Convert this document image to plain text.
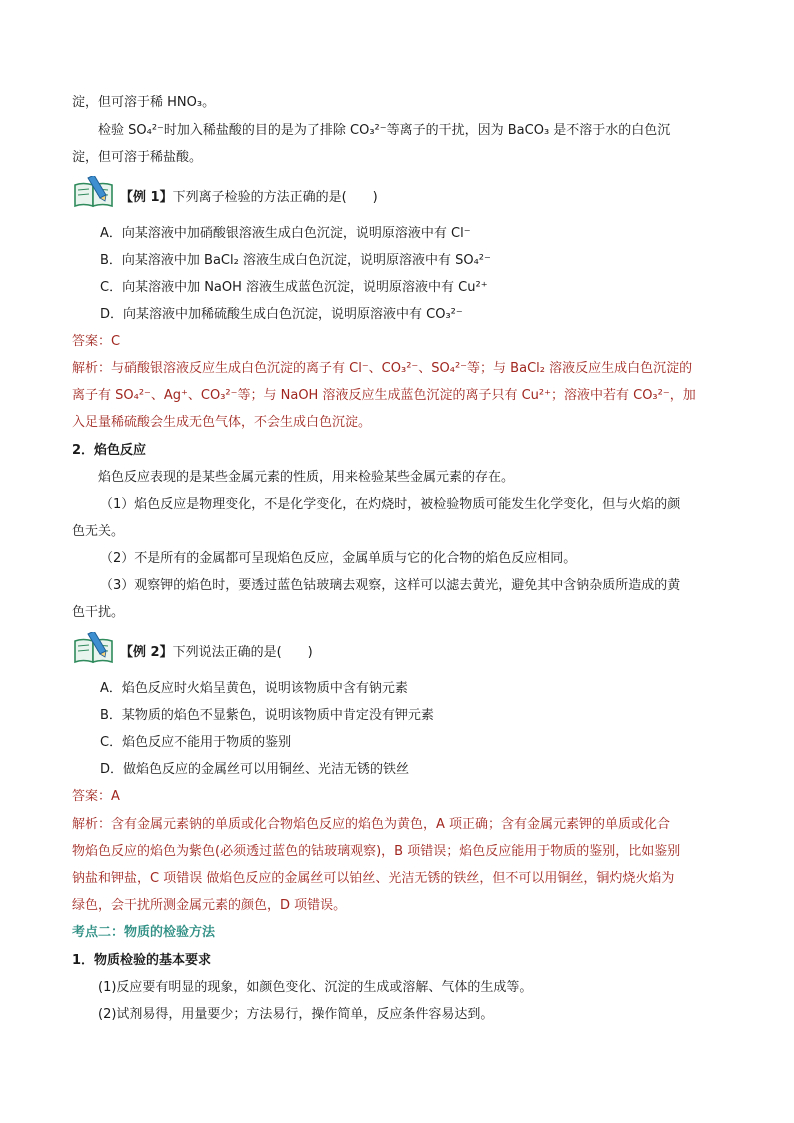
淀，但可溶于稀 HNO₃。
检验 SO₄²⁻时加入稀盐酸的目的是为了排除 CO₃²⁻等离子的干扰，因为 BaCO₃ 是不溶于水的白色沉
淀，但可溶于稀盐酸。
【例 1】下列离子检验的方法正确的是(　　)
A．向某溶液中加硝酸银溶液生成白色沉淀，说明原溶液中有 Cl⁻
B．向某溶液中加 BaCl₂ 溶液生成白色沉淀，说明原溶液中有 SO₄²⁻
C．向某溶液中加 NaOH 溶液生成蓝色沉淀，说明原溶液中有 Cu²⁺
D．向某溶液中加稀硫酸生成白色沉淀，说明原溶液中有 CO₃²⁻
答案：C
解析：与硝酸银溶液反应生成白色沉淀的离子有 Cl⁻、CO₃²⁻、SO₄²⁻等；与 BaCl₂ 溶液反应生成白色沉淀的
离子有 SO₄²⁻、Ag⁺、CO₃²⁻等；与 NaOH 溶液反应生成蓝色沉淀的离子只有 Cu²⁺；溶液中若有 CO₃²⁻，加
入足量稀硫酸会生成无色气体，不会生成白色沉淀。
2．焰色反应
焰色反应表现的是某些金属元素的性质，用来检验某些金属元素的存在。
（1）焰色反应是物理变化，不是化学变化，在灼烧时，被检验物质可能发生化学变化，但与火焰的颜
色无关。
（2）不是所有的金属都可呈现焰色反应，金属单质与它的化合物的焰色反应相同。
（3）观察钾的焰色时，要透过蓝色钴玻璃去观察，这样可以滤去黄光，避免其中含钠杂质所造成的黄
色干扰。
【例 2】下列说法正确的是(　　)
A．焰色反应时火焰呈黄色，说明该物质中含有钠元素
B．某物质的焰色不显紫色，说明该物质中肯定没有钾元素
C．焰色反应不能用于物质的鉴别
D．做焰色反应的金属丝可以用铜丝、光洁无锈的铁丝
答案：A
解析：含有金属元素钠的单质或化合物焰色反应的焰色为黄色，A 项正确；含有金属元素钾的单质或化合
物焰色反应的焰色为紫色(必须透过蓝色的钴玻璃观察)，B 项错误；焰色反应能用于物质的鉴别，比如鉴别
钠盐和钾盐，C 项错误 做焰色反应的金属丝可以铂丝、光洁无锈的铁丝，但不可以用铜丝，铜灼烧火焰为
绿色，会干扰所测金属元素的颜色，D 项错误。
考点二：物质的检验方法
1．物质检验的基本要求
(1)反应要有明显的现象，如颜色变化、沉淀的生成或溶解、气体的生成等。
(2)试剂易得，用量要少；方法易行，操作简单，反应条件容易达到。
